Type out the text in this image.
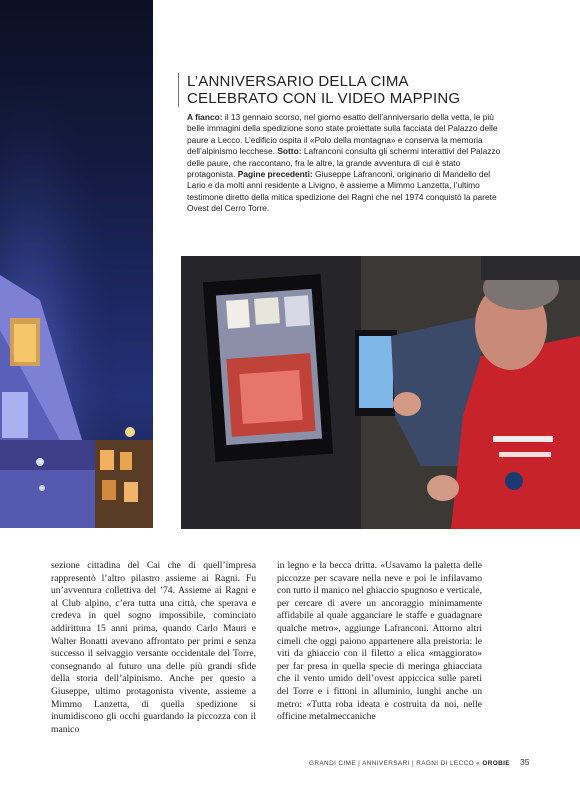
L’ANNIVERSARIO DELLA CIMA
CELEBRATO CON IL VIDEO MAPPING
A fianco: il 13 gennaio scorso, nel giorno esatto dell’anniversario della vetta, le più belle immagini della spedizione sono state proiettate sulla facciata del Palazzo delle paure a Lecco. L’edificio ospita il «Polo della montagna» e conserva la memoria dell’alpinismo lecchese. Sotto: Lafranconi consulta gli schermi interattivi del Palazzo delle paure, che raccontano, fra le altre, la grande avventura di cui è stato protagonista. Pagine precedenti: Giuseppe Lafranconi, originario di Mandello del Lario e da molti anni residente a Livigno, è assieme a Mimmo Lanzetta, l’ultimo testimone diretto della mitica spedizione dei Ragni che nel 1974 conquistò la parete Ovest del Cerro Torre.
sezione cittadina del Cai che di quell’impresa rappresentò l’altro pilastro assieme ai Ragni. Fu un’avventura collettiva del ’74. Assieme ai Ragni e al Club alpino, c’era tutta una città, che sperava e credeva in quel sogno impossibile, cominciato addirittura 15 anni prima, quando Carlo Mauri e Walter Bonatti avevano affrontato per primi e senza successo il selvaggio versante occidentale del Torre, consegnando al futuro una delle più grandi sfide della storia dell’alpinismo. Anche per questo a Giuseppe, ultimo protagonista vivente, assieme a Mimmo Lanzetta, di quella spedizione si inumidiscono gli occhi guardando la piccozza con il manico
in legno e la becca dritta. «Usavamo la paletta delle piccozze per scavare nella neve e poi le infilavamo con tutto il manico nel ghiaccio spugnoso e verticale, per cercare di avere un ancoraggio minimamente affidabile al quale agganciare le staffe e guadagnare qualche metro», aggiunge Lafranconi. Attorno altri cimeli che oggi paiono appartenere alla preistoria: le viti da ghiaccio con il filetto a elica «maggiorato» per far presa in quella specie di meringa ghiacciata che il vento umido dell’ovest appiccica sulle pareti del Torre e i fittoni in alluminio, lunghi anche un metro: «Tutta roba ideata e costruita da noi, nelle officine metalmeccaniche
GRANDI CIME | ANNIVERSARI | RAGNI DI LECCO « OROBIE 35
